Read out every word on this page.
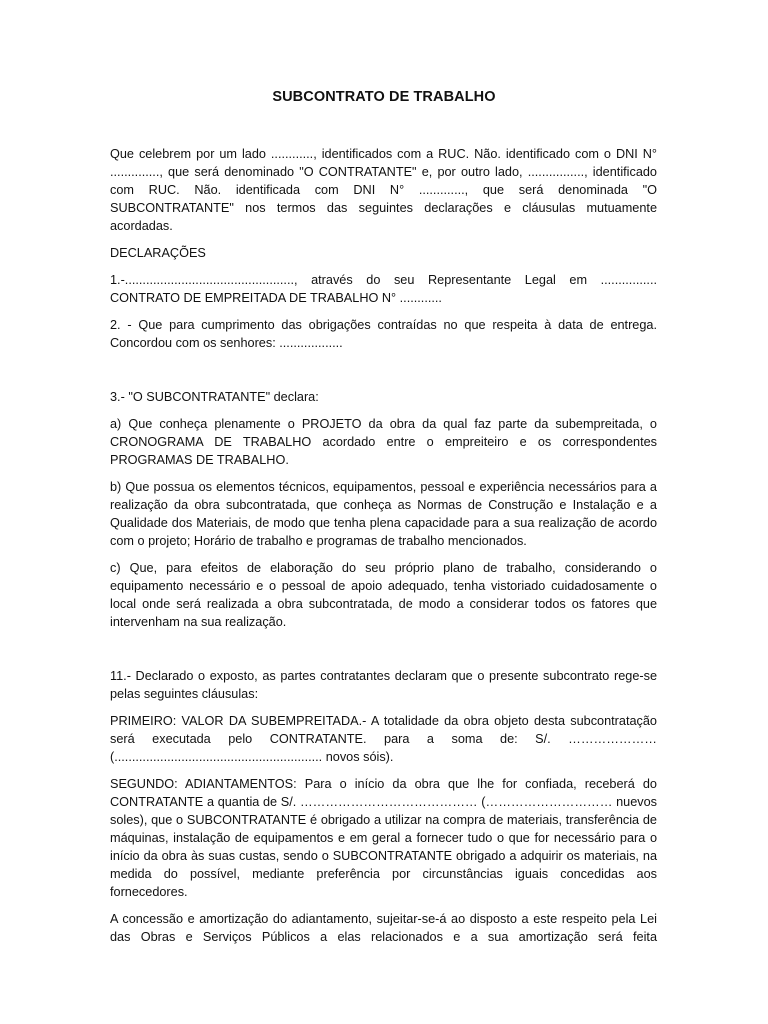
SUBCONTRATO DE TRABALHO

Que celebrem por um lado ............, identificados com a RUC. Não. identificado com o DNI N° .............., que será denominado "O CONTRATANTE" e, por outro lado, ................, identificado com RUC. Não. identificada com DNI N° ............., que será denominada "O SUBCONTRATANTE" nos termos das seguintes declarações e cláusulas mutuamente acordadas.

DECLARAÇÕES

1.-................................................, através do seu Representante Legal em ................ CONTRATO DE EMPREITADA DE TRABALHO N° ............

2. - Que para cumprimento das obrigações contraídas no que respeita à data de entrega. Concordou com os senhores: ..................

3.- "O SUBCONTRATANTE" declara:

a) Que conheça plenamente o PROJETO da obra da qual faz parte da subempreitada, o CRONOGRAMA DE TRABALHO acordado entre o empreiteiro e os correspondentes PROGRAMAS DE TRABALHO.

b) Que possua os elementos técnicos, equipamentos, pessoal e experiência necessários para a realização da obra subcontratada, que conheça as Normas de Construção e Instalação e a Qualidade dos Materiais, de modo que tenha plena capacidade para a sua realização de acordo com o projeto; Horário de trabalho e programas de trabalho mencionados.

c) Que, para efeitos de elaboração do seu próprio plano de trabalho, considerando o equipamento necessário e o pessoal de apoio adequado, tenha vistoriado cuidadosamente o local onde será realizada a obra subcontratada, de modo a considerar todos os fatores que intervenham na sua realização.

11.- Declarado o exposto, as partes contratantes declaram que o presente subcontrato rege-se pelas seguintes cláusulas:

PRIMEIRO: VALOR DA SUBEMPREITADA.- A totalidade da obra objeto desta subcontratação será executada pelo CONTRATANTE. para a soma de: S/. ………………… (........................................................... novos sóis).

SEGUNDO: ADIANTAMENTOS: Para o início da obra que lhe for confiada, receberá do CONTRATANTE a quantia de S/. …………………………………… (………………………… nuevos soles), que o SUBCONTRATANTE é obrigado a utilizar na compra de materiais, transferência de máquinas, instalação de equipamentos e em geral a fornecer tudo o que for necessário para o início da obra às suas custas, sendo o SUBCONTRATANTE obrigado a adquirir os materiais, na medida do possível, mediante preferência por circunstâncias iguais concedidas aos fornecedores.

A concessão e amortização do adiantamento, sujeitar-se-á ao disposto a este respeito pela Lei das Obras e Serviços Públicos a elas relacionados e a sua amortização será feita
